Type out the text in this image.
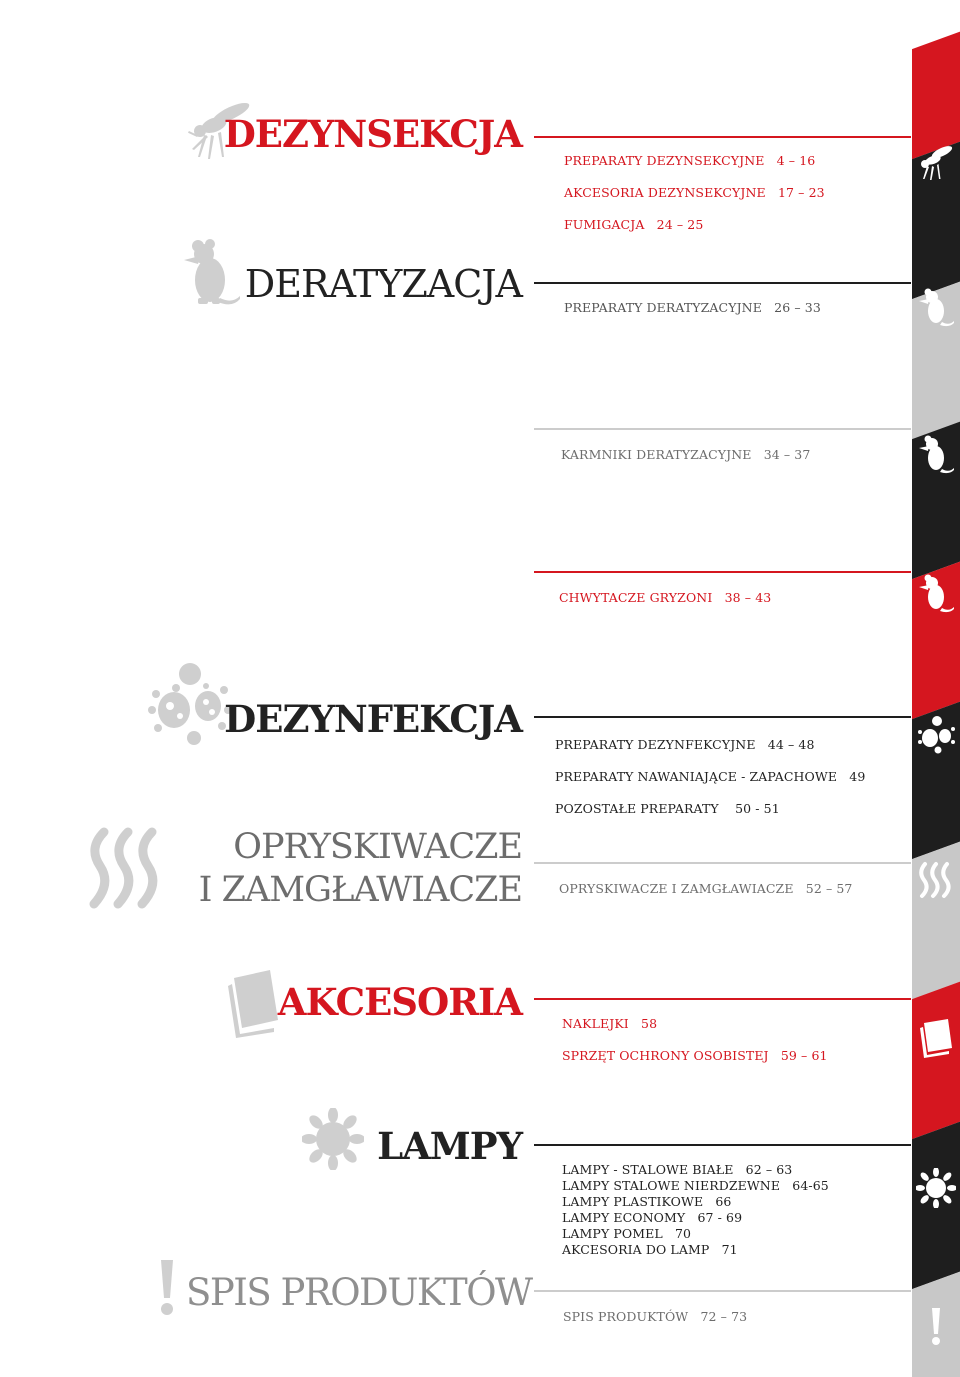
DEZYNSEKCJA
PREPARATY DEZYNSEKCYJNE   4 – 16
AKCESORIA DEZYNSEKCYJNE   17 – 23
FUMIGACJA   24 – 25
DERATYZACJA
PREPARATY DERATYZACYJNE   26 – 33
KARMNIKI DERATYZACYJNE   34 – 37
CHWYTACZE GRYZONI   38 – 43
DEZYNFEKCJA
PREPARATY DEZYNFEKCYJNE   44 – 48
PREPARATY NAWANIAJĄCE - ZAPACHOWE   49
POZOSTAŁE PREPARATY    50 - 51
OPRYSKIWACZE
I ZAMGŁAWIACZE	OPRYSKIWACZE I ZAMGŁAWIACZE   52 – 57
AKCESORIA	NAKLEJKI   58
SPRZĘT OCHRONY OSOBISTEJ   59 – 61
LAMPY
LAMPY - STALOWE BIAŁE   62 – 63
LAMPY STALOWE NIERDZEWNE   64-65
LAMPY PLASTIKOWE   66
LAMPY ECONOMY   67 - 69
LAMPY POMEL   70
AKCESORIA DO LAMP   71
SPIS PRODUKTÓW
SPIS PRODUKTÓW   72 – 73
5
